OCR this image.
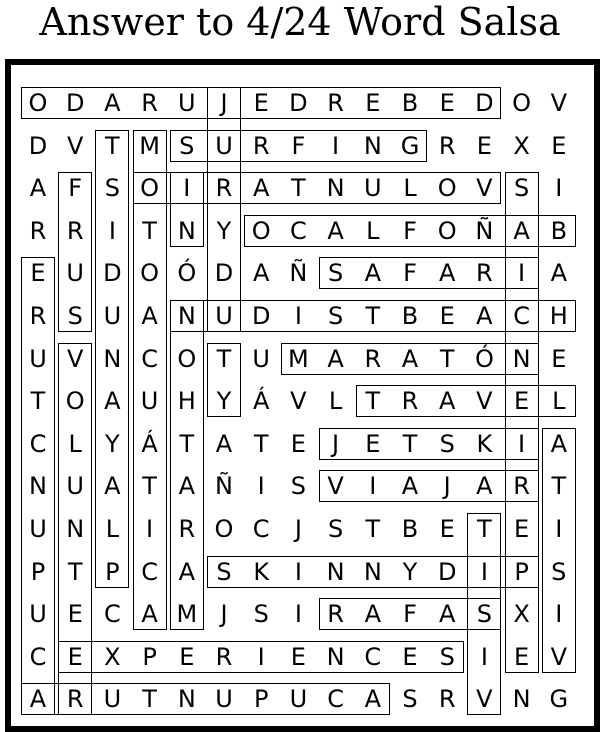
Answer to 4/24 Word Salsa
O D A R U	J	E D R E B E D O V
D V T M S U R F	I	N G R E X E
A F S O	I	R A T N U L O V S	I
R R	I	T N Y O C A L F O Ñ A B
E U D O Ó D A Ñ S A F A R	I	A
R S U A N U D	I	S T B E A C H
U V N C O T U M A R A T Ó N E
T O A U H Y Á V L T R A V E L
C L Y Á T A T E	J	E T S K	I	A
N U A T A Ñ	I	S V	I	A	J	A R T
U N L	I	R O C	J	S T B E T E	I
P T P C A S K	I	N N Y D	I	P S
U E C A M J	S	I	R A F A S X	I
C E X P E R	I	E N C E S	I	E V
A R U T N U P U C A S R V N G
